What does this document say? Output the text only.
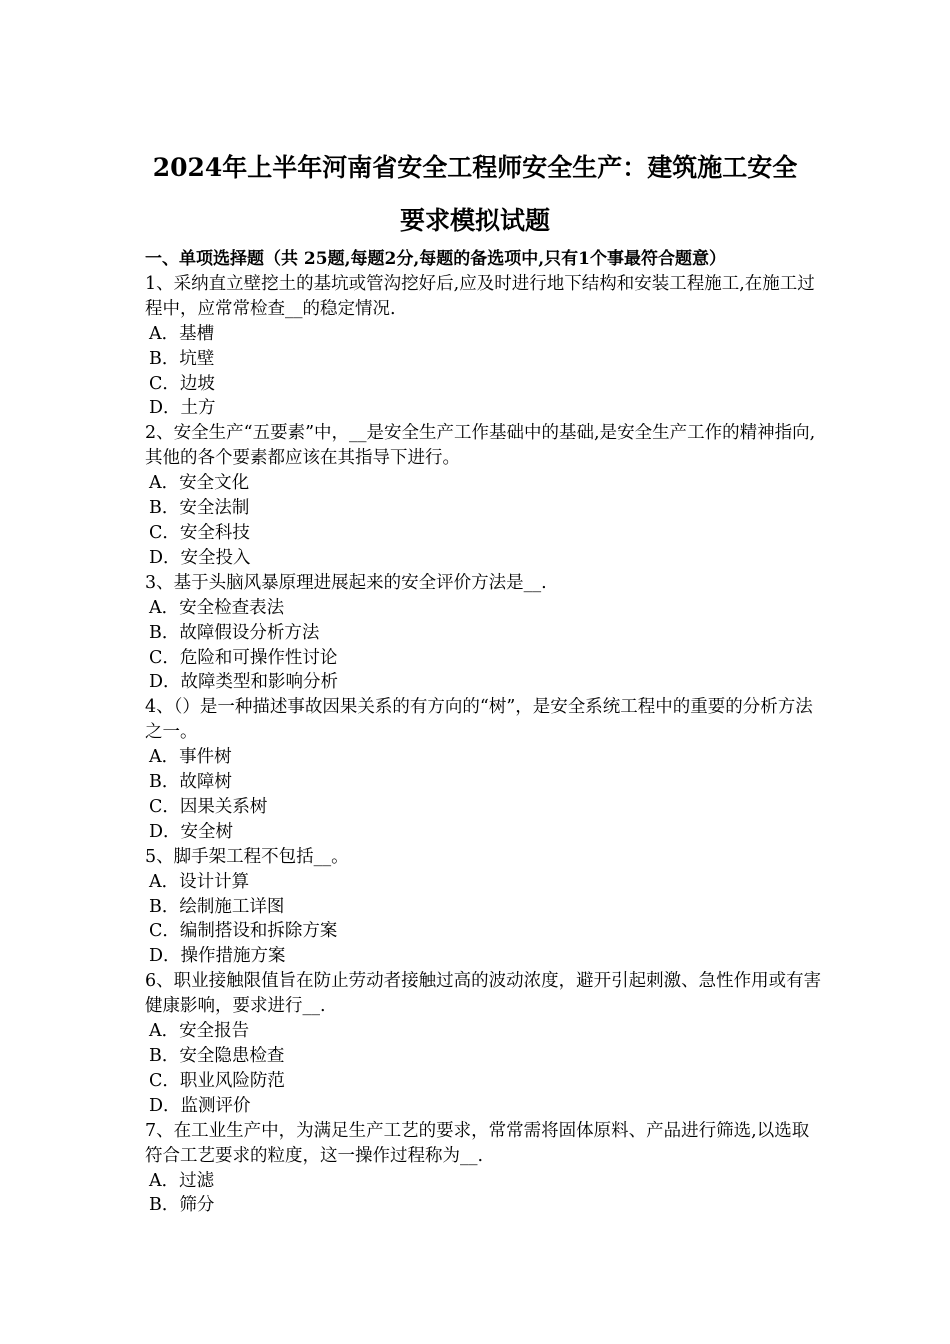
2024年上半年河南省安全工程师安全生产：建筑施工安全
要求模拟试题
一、单项选择题（共 25题,每题2分,每题的备选项中,只有1个事最符合题意）

1、采纳直立壁挖土的基坑或管沟挖好后,应及时进行地下结构和安装工程施工,在施工过程中，应常常检查__的稳定情况.

A．基槽
B．坑壁
C．边坡
D．土方

2、安全生产“五要素”中，__是安全生产工作基础中的基础,是安全生产工作的精神指向,其他的各个要素都应该在其指导下进行。

A．安全文化
B．安全法制
C．安全科技
D．安全投入

3、基于头脑风暴原理进展起来的安全评价方法是__.

A．安全检查表法
B．故障假设分析方法
C．危险和可操作性讨论
D．故障类型和影响分析

4、（）是一种描述事故因果关系的有方向的“树”，是安全系统工程中的重要的分析方法之一。

A．事件树
B．故障树
C．因果关系树
D．安全树

5、脚手架工程不包括__。

A．设计计算
B．绘制施工详图
C．编制搭设和拆除方案
D．操作措施方案

6、职业接触限值旨在防止劳动者接触过高的波动浓度，避开引起刺激、急性作用或有害健康影响，要求进行__.

A．安全报告
B．安全隐患检查
C．职业风险防范
D．监测评价

7、在工业生产中，为满足生产工艺的要求，常常需将固体原料、产品进行筛选,以选取符合工艺要求的粒度，这一操作过程称为__.

A．过滤
B．筛分
